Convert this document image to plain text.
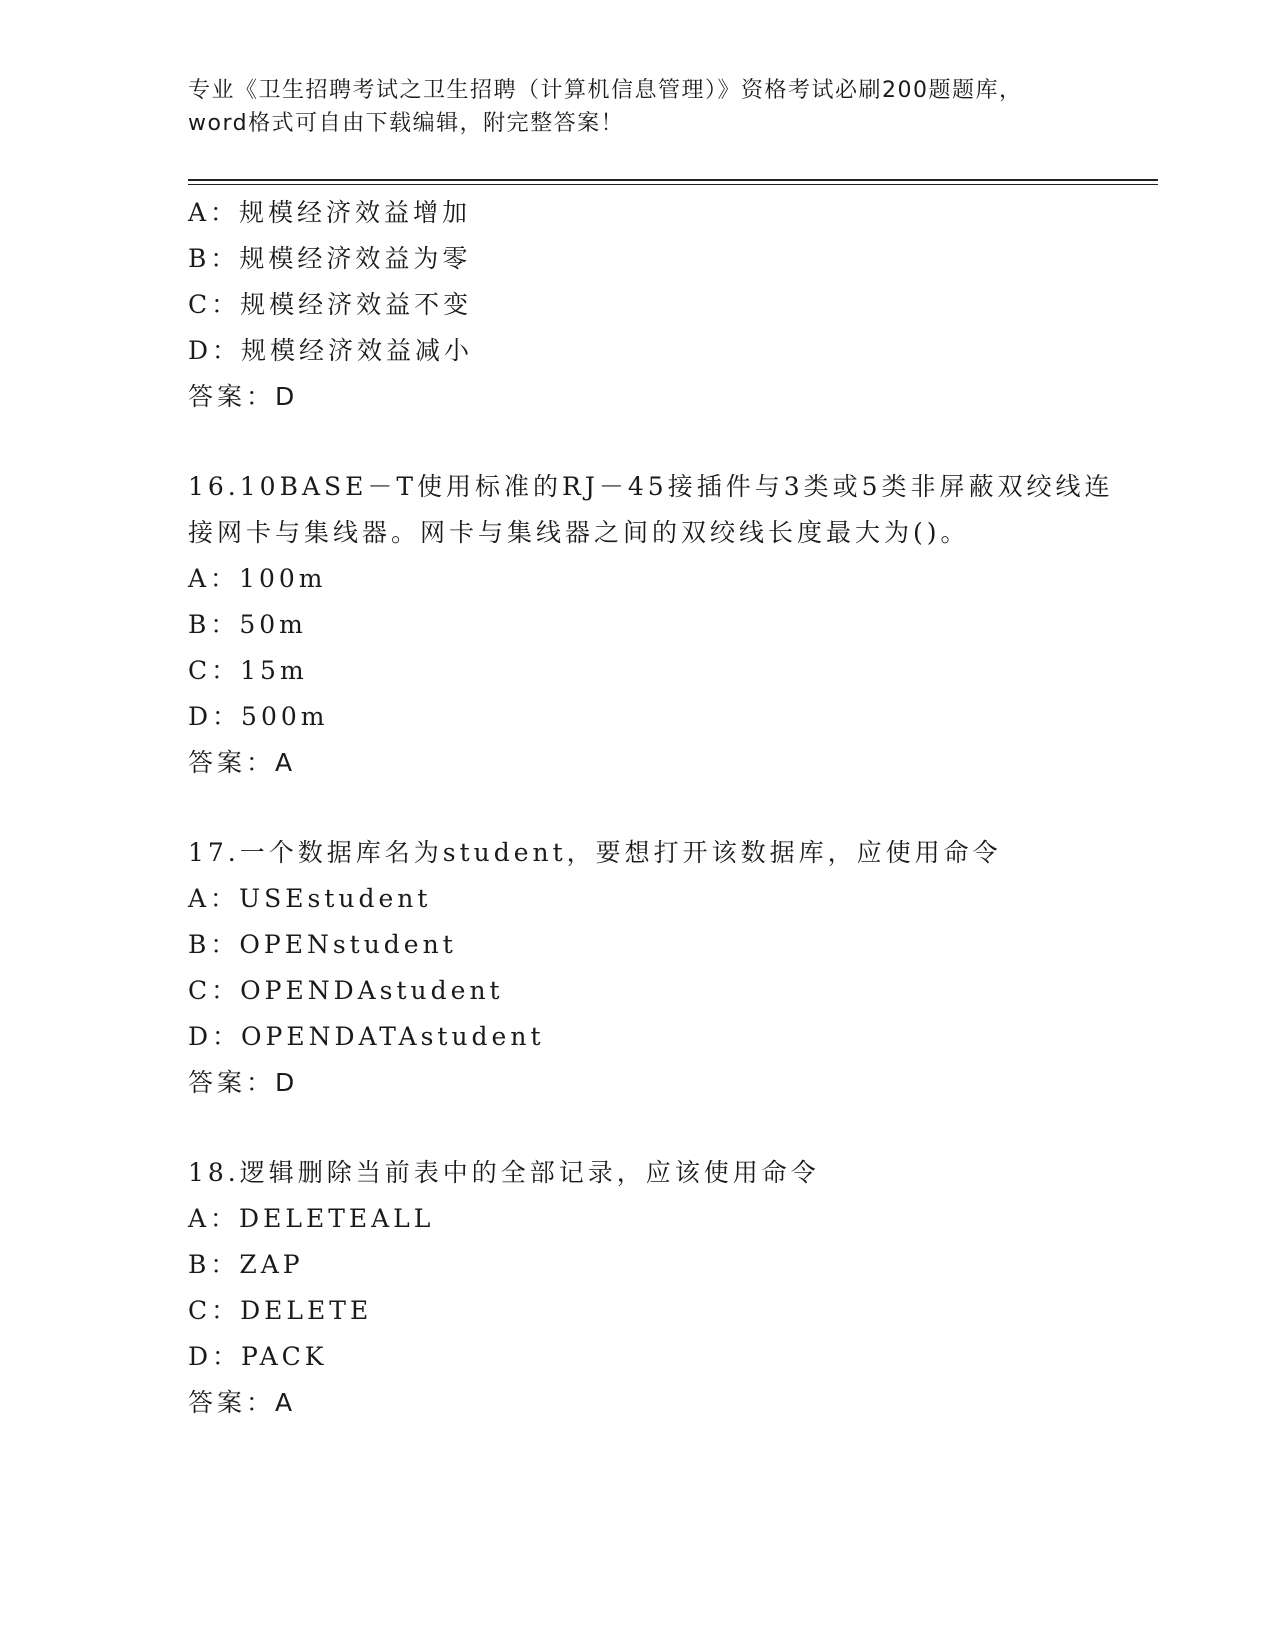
专业《卫生招聘考试之卫生招聘（计算机信息管理）》资格考试必刷200题题库，
word格式可自由下载编辑，附完整答案！
A：规模经济效益增加
B：规模经济效益为零
C：规模经济效益不变
D：规模经济效益减小
答案：D
16.10BASE－T使用标准的RJ－45接插件与3类或5类非屏蔽双绞线连
接网卡与集线器。网卡与集线器之间的双绞线长度最大为()。
A：100m
B：50m
C：15m
D：500m
答案：A
17.一个数据库名为student，要想打开该数据库，应使用命令
A：USEstudent
B：OPENstudent
C：OPENDAstudent
D：OPENDATAstudent
答案：D
18.逻辑删除当前表中的全部记录，应该使用命令
A：DELETEALL
B：ZAP
C：DELETE
D：PACK
答案：A
